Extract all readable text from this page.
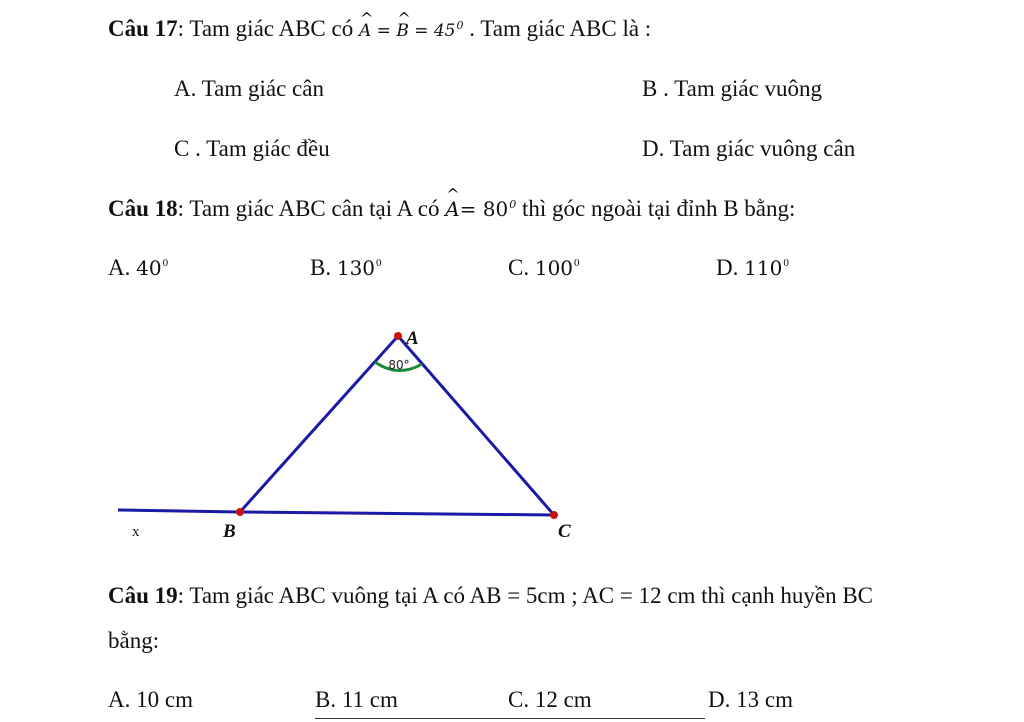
Câu 17: Tam giác ABC có ^ A = ^ $B = 45^0$ . Tam giác ABC là :
A. Tam giác cân	B . Tam giác vuông
C . Tam giác đều	D. Tam giác vuông cân
Câu 18: Tam giác ABC cân tại A có ^ $A= 80^0$ thì góc ngoài tại đỉnh B bằng:
A. $40^0$	B. $130^0$	C. $100^0$	D. $110^0$
80°
A
B	C
x
Câu 19: Tam giác ABC vuông tại A có AB = 5cm ; AC = 12 cm thì cạnh huyền BC
bằng:
A. 10 cm	B. 11 cm	C. 12 cm	D. 13 cm
